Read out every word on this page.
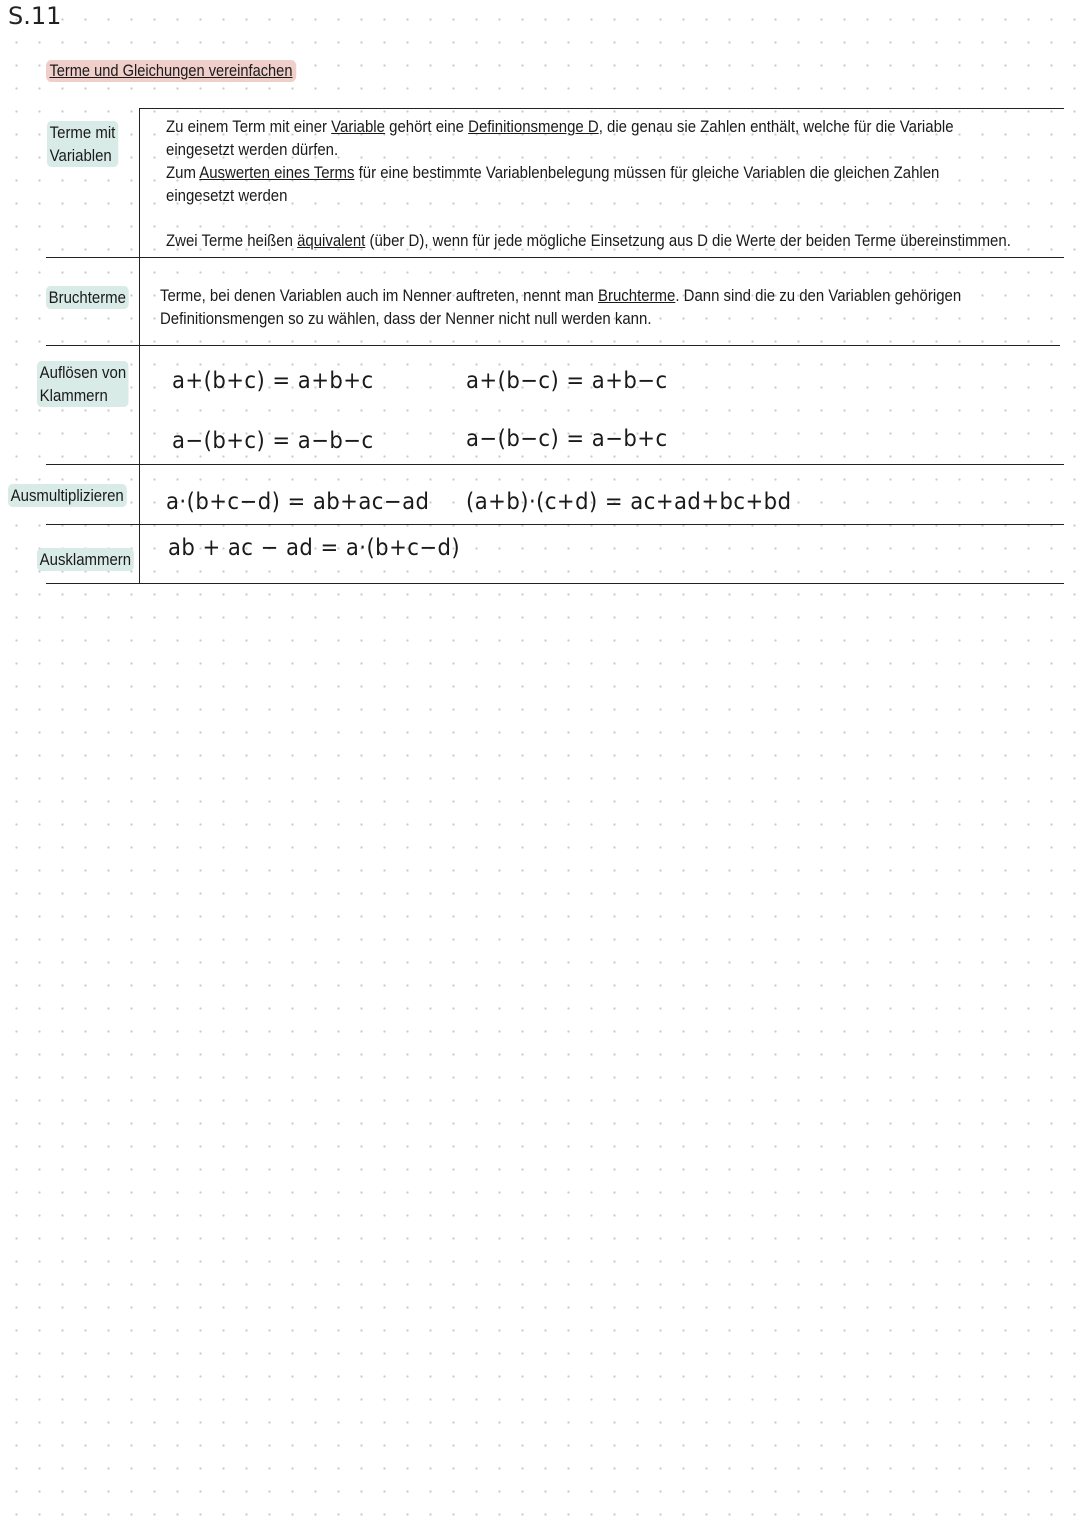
S.11
Terme und Gleichungen vereinfachen
Terme mit
Variablen
Zu einem Term mit einer Variable gehört eine Definitionsmenge D, die genau sie Zahlen enthält, welche für die Variable
eingesetzt werden dürfen.
Zum Auswerten eines Terms für eine bestimmte Variablenbelegung müssen für gleiche Variablen die gleichen Zahlen
eingesetzt werden
Zwei Terme heißen äquivalent (über D), wenn für jede mögliche Einsetzung aus D die Werte der beiden Terme übereinstimmen.
Bruchterme Terme, bei denen Variablen auch im Nenner auftreten, nennt man Bruchterme. Dann sind die zu den Variablen gehörigen
Definitionsmengen so zu wählen, dass der Nenner nicht null werden kann.
Auflösen von
Klammern
a+(b+c) = a+b+c	a+(b−c) = a+b−c
a−(b+c) = a−b−c	a−(b−c) = a−b+c
Ausmultiplizieren a·(b+c−d) = ab+ac−ad (a+b)·(c+d) = ac+ad+bc+bd
Ausklammern ab + ac − ad = a·(b+c−d)
